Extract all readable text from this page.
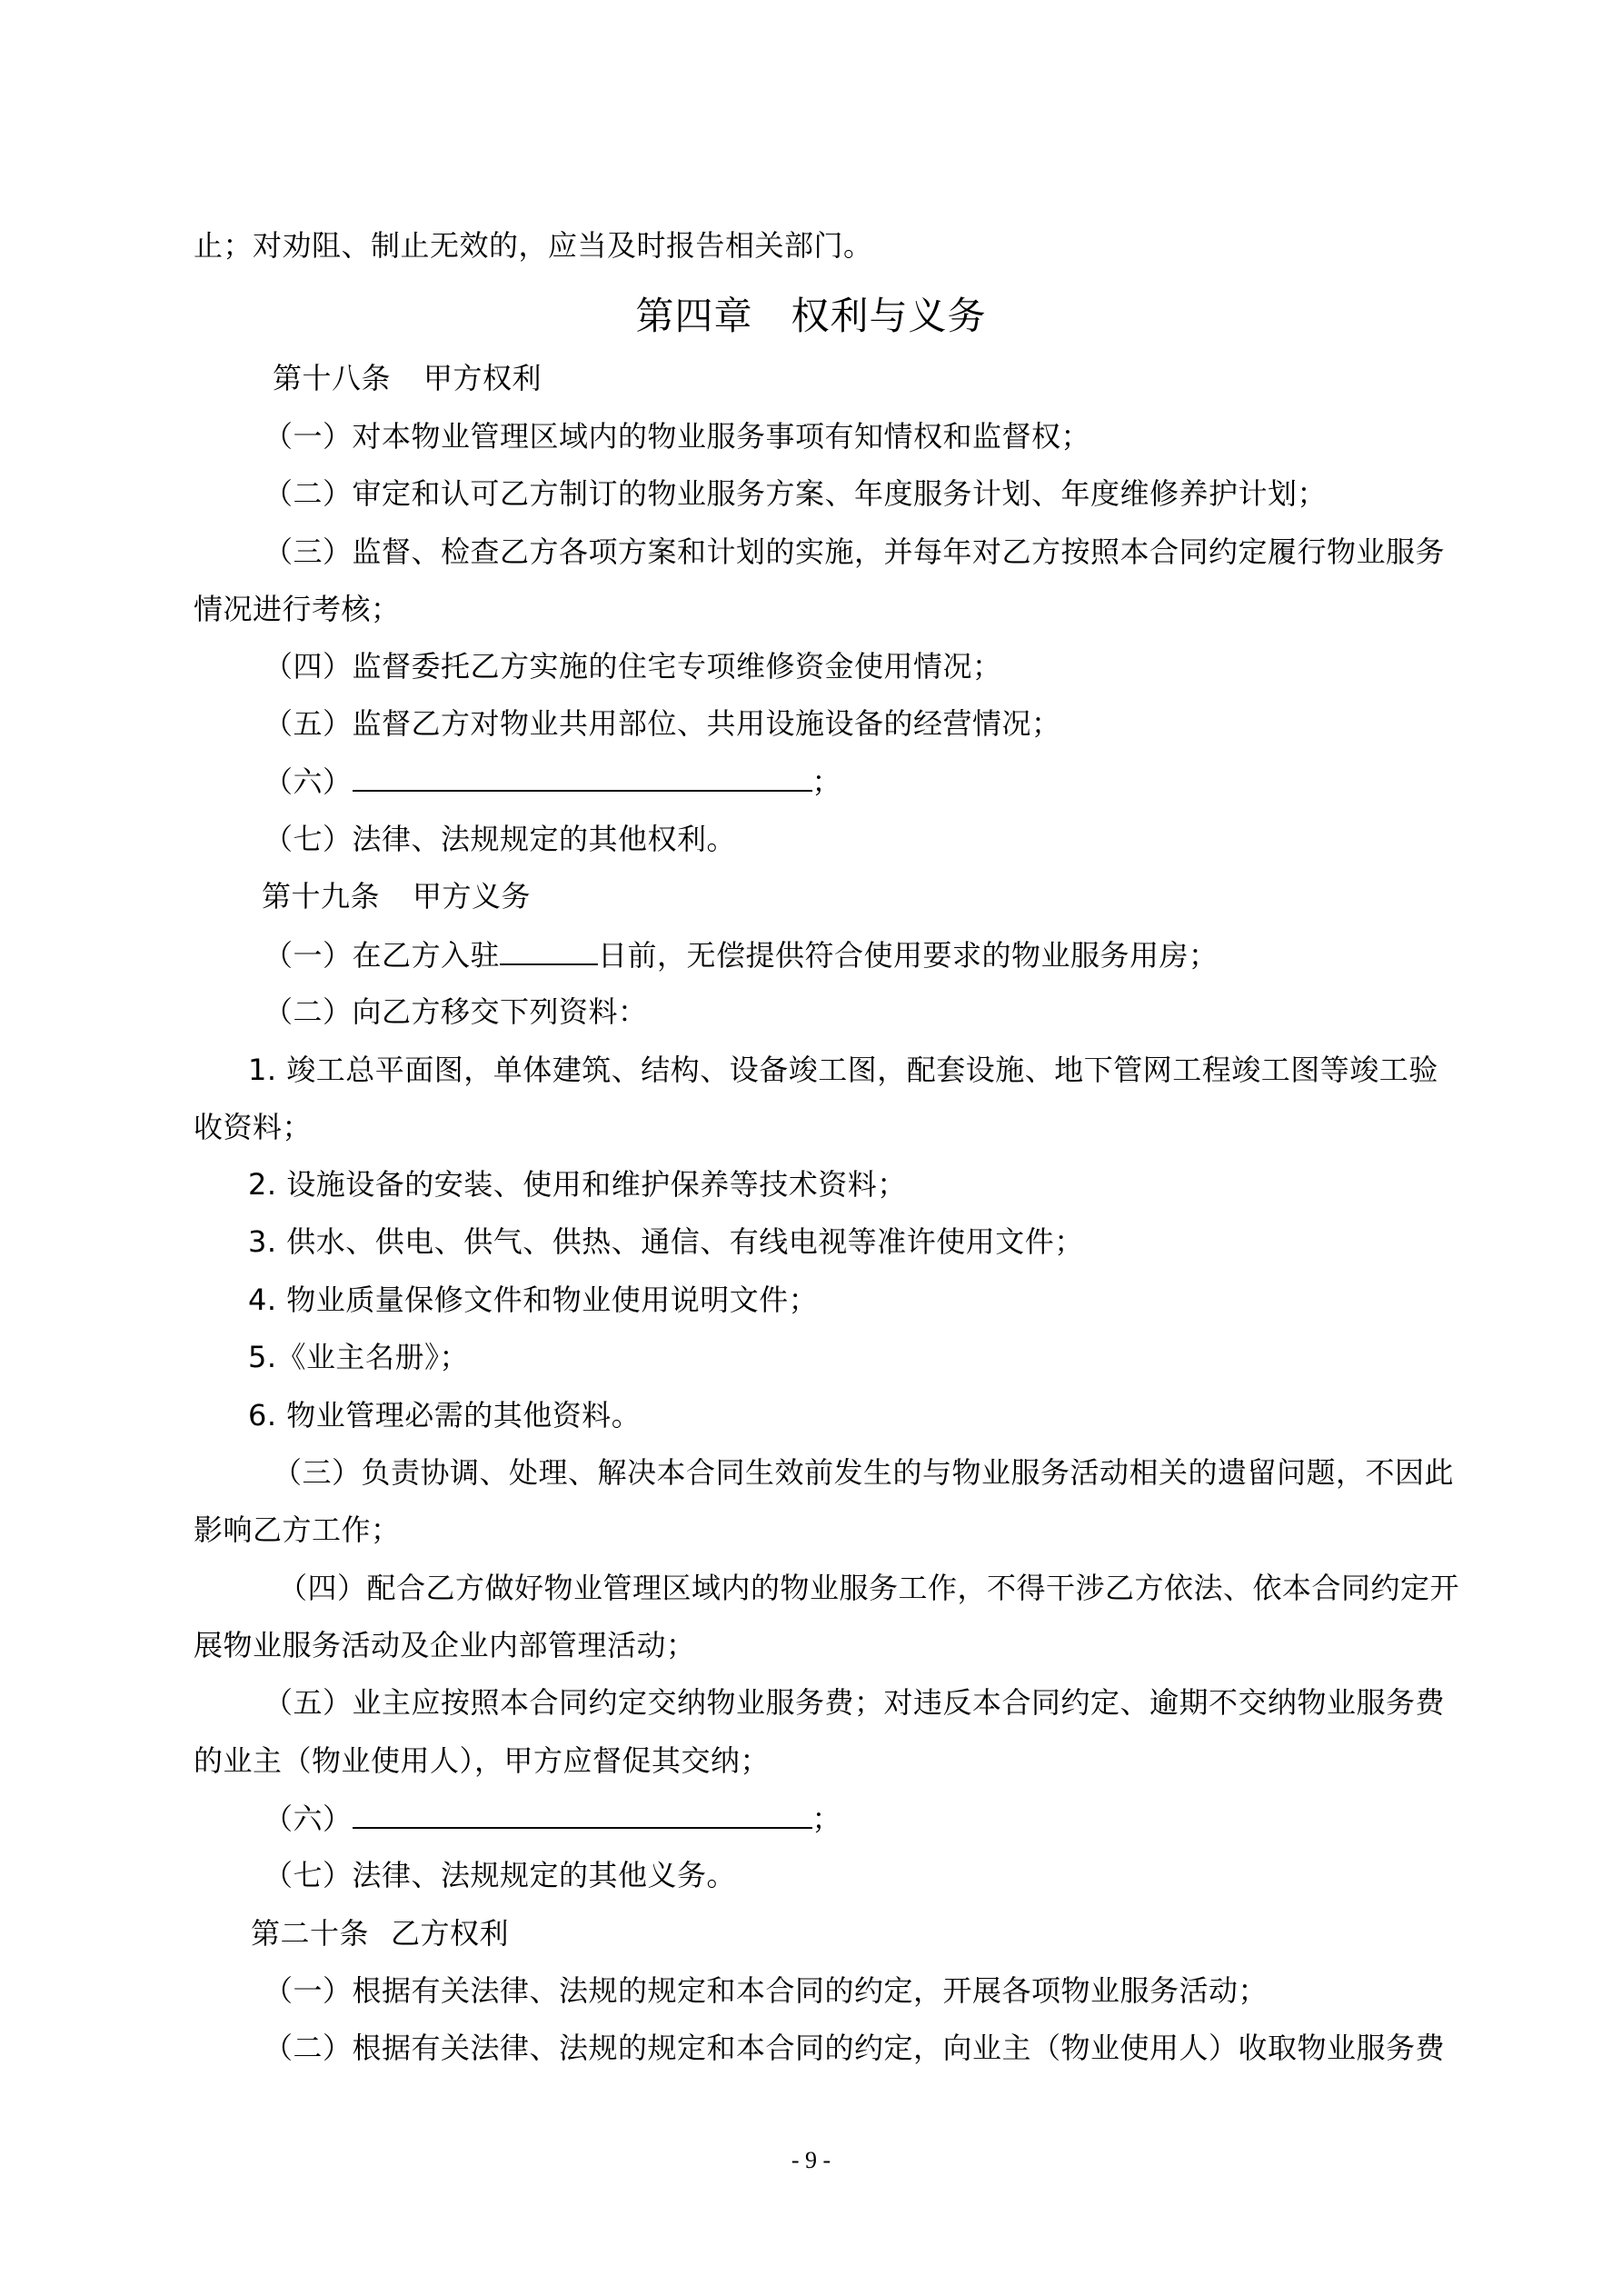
止；对劝阻、制止无效的，应当及时报告相关部门。
第四章 权利与义务
第十八条 甲方权利
（一）对本物业管理区域内的物业服务事项有知情权和监督权；
（二）审定和认可乙方制订的物业服务方案、年度服务计划、年度维修养护计划；
（三）监督、检查乙方各项方案和计划的实施，并每年对乙方按照本合同约定履行物业服务
情况进行考核；
（四）监督委托乙方实施的住宅专项维修资金使用情况；
（五）监督乙方对物业共用部位、共用设施设备的经营情况；
（六）	；
（七）法律、法规规定的其他权利。
第十九条 甲方义务
（一）在乙方入驻	日前，无偿提供符合使用要求的物业服务用房；
（二）向乙方移交下列资料：
1. 竣工总平面图，单体建筑、结构、设备竣工图，配套设施、地下管网工程竣工图等竣工验
收资料；
2. 设施设备的安装、使用和维护保养等技术资料；
3. 供水、供电、供气、供热、通信、有线电视等准许使用文件；
4. 物业质量保修文件和物业使用说明文件；
5.《业主名册》；
6. 物业管理必需的其他资料。
（三）负责协调、处理、解决本合同生效前发生的与物业服务活动相关的遗留问题，不因此
影响乙方工作；
（四）配合乙方做好物业管理区域内的物业服务工作，不得干涉乙方依法、依本合同约定开
展物业服务活动及企业内部管理活动；
（五）业主应按照本合同约定交纳物业服务费；对违反本合同约定、逾期不交纳物业服务费
的业主（物业使用人），甲方应督促其交纳；
（六）	；
（七）法律、法规规定的其他义务。
第二十条 乙方权利
（一）根据有关法律、法规的规定和本合同的约定，开展各项物业服务活动；
（二）根据有关法律、法规的规定和本合同的约定，向业主（物业使用人）收取物业服务费
- 9 -
